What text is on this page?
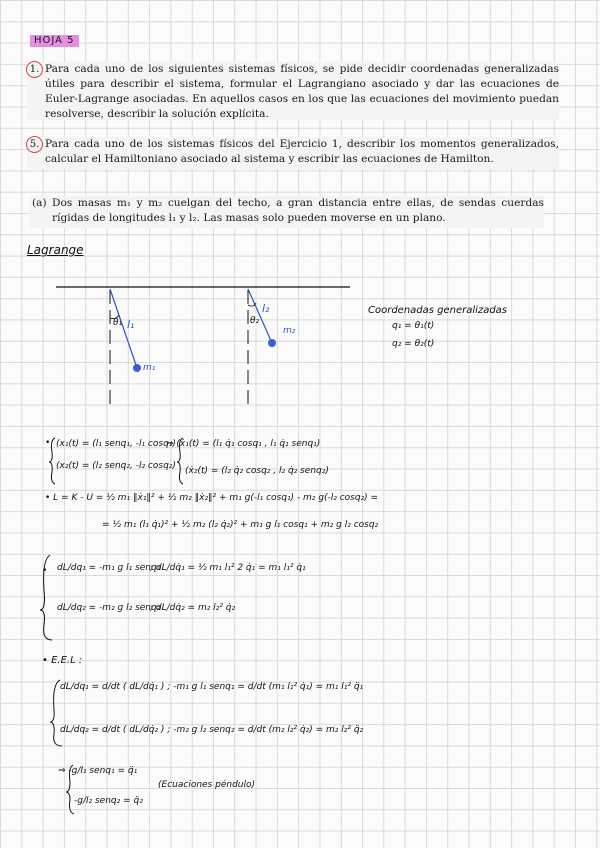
HOJA 5
1. Para cada uno de los siguientes sistemas físicos, se pide decidir coordenadas generalizadas útiles para describir el sistema, formular el Lagrangiano asociado y dar las ecuaciones de Euler-Lagrange asociadas. En aquellos casos en los que las ecuaciones del movimiento puedan resolverse, describir la solución explícita.
5. Para cada uno de los sistemas físicos del Ejercicio 1, describir los momentos generalizados, calcular el Hamiltoniano asociado al sistema y escribir las ecuaciones de Hamilton.
(a) Dos masas m₁ y m₂ cuelgan del techo, a gran distancia entre ellas, de sendas cuerdas rígidas de longitudes l₁ y l₂. Las masas solo pueden moverse en un plano.
Lagrange
θ₁ l₁
m₁
θ₂
l₂
m₂
Coordenadas generalizadas
q₁ = θ₁(t)
q₂ = θ₂(t)
• (x₁(t) = (l₁ senq₁, -l₁ cosq₁)
(x₂(t) = (l₂ senq₂, -l₂ cosq₂)
⇒ (ẋ₁(t) = (l₁ q̇₁ cosq₁ , l₁ q̇₁ senq₁)
(ẋ₂(t) = (l₂ q̇₂ cosq₂ , l₂ q̇₂ senq₂)
• L = K - U = ½ m₁ ‖ẋ₁‖² + ½ m₂ ‖ẋ₂‖² + m₁ g(-l₁ cosq₁) - m₂ g(-l₂ cosq₂) =
= ½ m₁ (l₁ q̇₁)² + ½ m₂ (l₂ q̇₂)² + m₁ g l₁ cosq₁ + m₂ g l₂ cosq₂
• dL/dq₁ = -m₁ g l₁ senq₁
; dL/dq̇₁ = ½ m₁ l₁² 2 q̇₁ = m₁ l₁² q̇₁
dL/dq₂ = -m₂ g l₂ senq₂
; dL/dq̇₂ = m₂ l₂² q̇₂
• E.E.L :
dL/dq₁ = d/dt ( dL/dq̇₁ ) ; -m₁ g l₁ senq₁ = d/dt (m₁ l₁² q̇₁) = m₁ l₁² q̈₁
dL/dq₂ = d/dt ( dL/dq̇₂ ) ; -m₂ g l₂ senq₂ = d/dt (m₂ l₂² q̇₂) = m₂ l₂² q̈₂
⇒ -g/l₁ senq₁ = q̈₁
-g/l₂ senq₂ = q̈₂
(Ecuaciones péndulo)
